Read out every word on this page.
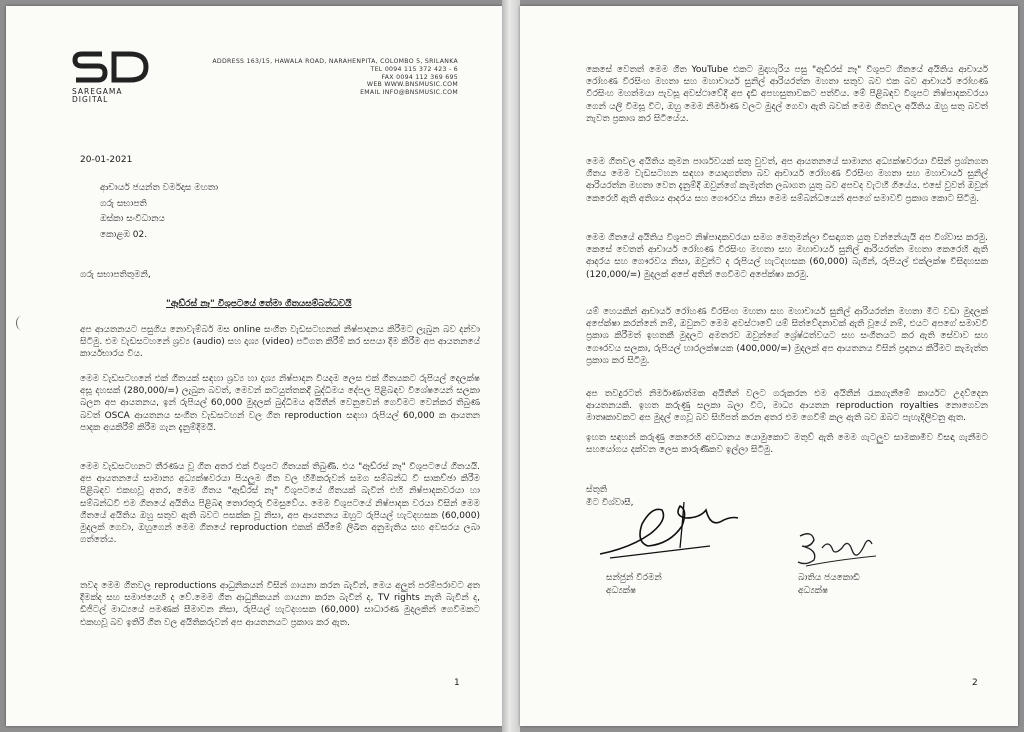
SAREGAMA
DIGITAL
ADDRESS 163/15, HAWALA ROAD, NARAHENPITA, COLOMBO 5, SRILANKA
TEL 0094 115 372 423 - 6
FAX 0094 112 369 695
WEB WWW.BNSMUSIC.COM
EMAIL INFO@BNSMUSIC.COM
20-01-2021
ආචාර්ය ජයන්ත වර්මදාස මහතා
ගරු සභාපති
ඔස්කා සංවිධානය
කොළඹ 02.
ගරු සභාපතිතුමනි,
"ඈඩ්රස් නෑ" විශුපටයේ තේමා ගීතයසම්බන්ධවයි
අප ආයතනයට පසුගිය නොවැම්බර් මස online සංගීත වැඩසටහනක් නිෂ්පාදනය කිරීමට ලැබුන බව දන්වා සිටිමු. එම වැඩසටහනේ ශ්‍රව්‍ය (audio) සහ දෘශ්‍ය (video) පටිගත කිරීම් කර සපයා දීම කිරීම අප ආයතනයේ කාර්යභාරය විය.
මෙම වැඩසටහනේ එක් ගීතයක් සඳහා ශ්‍රව්‍ය හා දෘශ්‍ය නිෂ්පාදන වියදම ලෙස එක් ගීතයකට රුපියල් දෙලක්ෂ අසූ දහසක් (280,000/=) ලැබුන බවත්, මෙවන් කටයුත්තකදී බුද්ධිමය දේපල පිළිබඳව විශේෂයෙන් සලකා බලන අප ආයතනය, ඉන් රුපියල් 60,000 මුදලක් බුද්ධිමය අයිතීන් වෙනුවෙන් ගෙවීමට වෙන්කර තිබුණ බවත් OSCA ආයතනය සංගීත වැඩසටහන් වල ගීත reproduction සඳහා රුපියල් 60,000 ක ආයතන පාදක අයකිරීම් කිරීම ගැන දැනුම්දීමයි.
මෙම වැඩසටහනට තීරණය වූ ගීත අතර එක් විශුපට ගීතයක් තිබුණි. එය "ඈඩ්රස් නෑ" විශුපටයේ ගීතයයි. අප ආයතනයේ සාමාන්‍ය අධ්‍යක්ෂවරයා පියලුම ගීත වල හිමිකරුවන් සමග සම්බන්ධ වී සාකච්ඡා කිරීම පිළිබඳව එකඟවූ අතර, මෙම ගීතය "ඈඩ්රස් නෑ" විශුපටයේ ගීතයක් බැවින් එහි නිෂ්පාදකවරයා හා සම්බන්ධවී එම ගීතයේ අයිතිය පිළිබඳ තොරතුරු විමසුවේය. මෙම විශුපටයේ නිෂ්පාදක වරයා විසින් මෙම ගීතයේ අයිතිය ඔහු සතුව ඇති බවට පසක්ක වූ නිසා, අප ආයතනය ඔහුට රුපියල් හැටදහසක (60,000) මුදලක් ගෙවා, ඔහුගෙන් මෙම ගීතයේ reproduction එකක් කිරීමේ ලිඛිත අනුමැතිය සහ අවසරය ලබා ගත්තේය.
තවද මෙම ගීතවල reproductions ආධුනිකයන් විසින් ගායනා කරන බැවින්, මෙය අලුත් පරම්පරාවට අත දීමක්ද සහ සමාජයෙහි ද වේ.මෙම ගීත ආධුනිකයන් ගායනා කරන බැවින් ද, TV rights නැති බැවින් ද, ඩිජිටල් මාධ්‍යයේ පමණක් සීමාවන නිසා, රුපියල් හැටදහසක (60,000) සාධාරණ මුදලකින් ගෙවීමකට එකඟවූ බව ඉතිරි ගීත වල අයිතිකරුවන් අප ආයතනයට ප්‍රකාශ කර ඇත.
1
කෙසේ වෙතත් මෙම ගීත YouTube එකට මුදාහැරිය පසු "ඈඩ්රස් නෑ" විශුපට ගීතයේ අයිතිය ආචාර්ය රෝහණ වීරසිංහ මහතා සහ මහාචාර්ය සුනිල් ආරියරත්න මහතා සතුව බව එක බව ආචාර්ය රෝහණ වීරසිංහ මහත්මයා පැවසූ අවස්ථාවේදී අප දැඩි අපහසුතාවකට පත්විය. මේ පිළිබඳව විශුපට නිෂ්පාදකවරයා ගෙන් යලි විමසූ විට, ඔහු මෙම නිර්මාණ වලට මුදල් ගෙවා ඇති බවක් මෙම ගීතවල අයිතිය ඔහු සතු බවත් නැවත ප්‍රකාශ කර සිටියේය.
මෙම ගීතවල අයිතිය කුමන පාර්ශවයක් සතු වුවත්, අප ආයතනයේ සාමාන්‍ය අධ්‍යක්ෂවරයා විසින් ප්‍රශ්නගත ගීතය මෙම වැඩසටහන සඳහා යොදාගත්තා බව ආචාර්ය රෝහණ වීරසිංහ මහතා සහ මහාචාර්ය සුනිල් ආරියරත්න මහතා වෙත දැනුම්දී ඔවුන්ගේ කැමැත්ත ලබාගත යුතු බව අපවද වැටහී ගියේය. එසේ වුවත් ඔවුන් කෙරෙහි ඇති අතිශය ආදරය සහ ගෞරවය නිසා මෙම සම්බන්ධයෙන් අපගේ සමාවවී ප්‍රකාශ කොට සිටිමු.
මෙම ගීතයේ අයිතිය විශුපට නිෂ්පාදකවරයා සමග මෙතුමන්ලා විසඳාගත යුතු වන්නේයැයි අප විශ්වාස කරමු. කෙසේ වෙතත් ආචාර්ය රෝහණ වීරසිංහ මහතා සහ මහාචාර්ය සුනිල් ආරියරත්න මහතා කෙරෙහි ඇති ආදරය සහ ගෞරවය නිසා, ඔවුන්ට ද රුපියල් හැටදහසක (60,000) බැගින්, රුපියල් එක්ලක්ෂ විසිදහසක (120,000/=) මුදලක් අපේ අතින් ගෙවීමට අපේක්ෂා කරමු.
යම් හෙයකින් ආචාර්ය රෝහණ වීරසිංහ මහතා සහ මහාචාර්ය සුනිල් ආරියරත්න මහතා මීට වඩා මුදලක් අපේක්ෂා කරන්නේ නම්, ඔවුනට මෙම අවස්ථාවේ යම් සිත්වේදනාවක් ඇති වූයේ නම්, එයට අපගේ සමාවවී ප්‍රකාශ කිරීමත් ඉහතකී මුදලට අමතරව ඔවුන්ගේ ශ්‍රේෂ්ඨත්වයට සහ සංගීතයට කර ඇති සේවාව සහ ගෞරවය සලකා, රුපියල් හාරලක්ෂයක (400,000/=) මුදලක් අප ආයතනය විසින් ප්‍රදානය කිරීමට කැමැත්ත ප්‍රකාශ කර සිටිමු.
අප තවදුරටත් නිර්මාණාත්මක අයිතීන් වලට ගරුකරන එම අයිතීන් රැකගැනීමේ කාර්යට උදව්දෙන ආයතනයකි. ඉහත කරුණු සලකා බලා විට, මාධ්‍ය ආයතන reproduction royalties නොගෙවන මාතෘකාවකට අප මුදල් ගෙවූ බව සිහිපත් කරන අතර එම ගෙවීම් කල ඇති බව ඔබට පැහැදිලිවනු ඇත.
ඉහත සඳහන් කරුණු කෙරෙහි අවධානය යොමුකොට මතුව් ඇති මෙම ගැටලුව සාමකාමීව විසඳා ගැනීමට සහයෝගය දක්වන ලෙස කාරුණිකව ඉල්ලා සිටිමු.
ස්තුති
මීට විශ්වාසී,
සන්ජුන් වීරමන්
අධ්‍යක්ෂ
බාතිය ජයකොඩි
අධ්‍යක්ෂ
2
